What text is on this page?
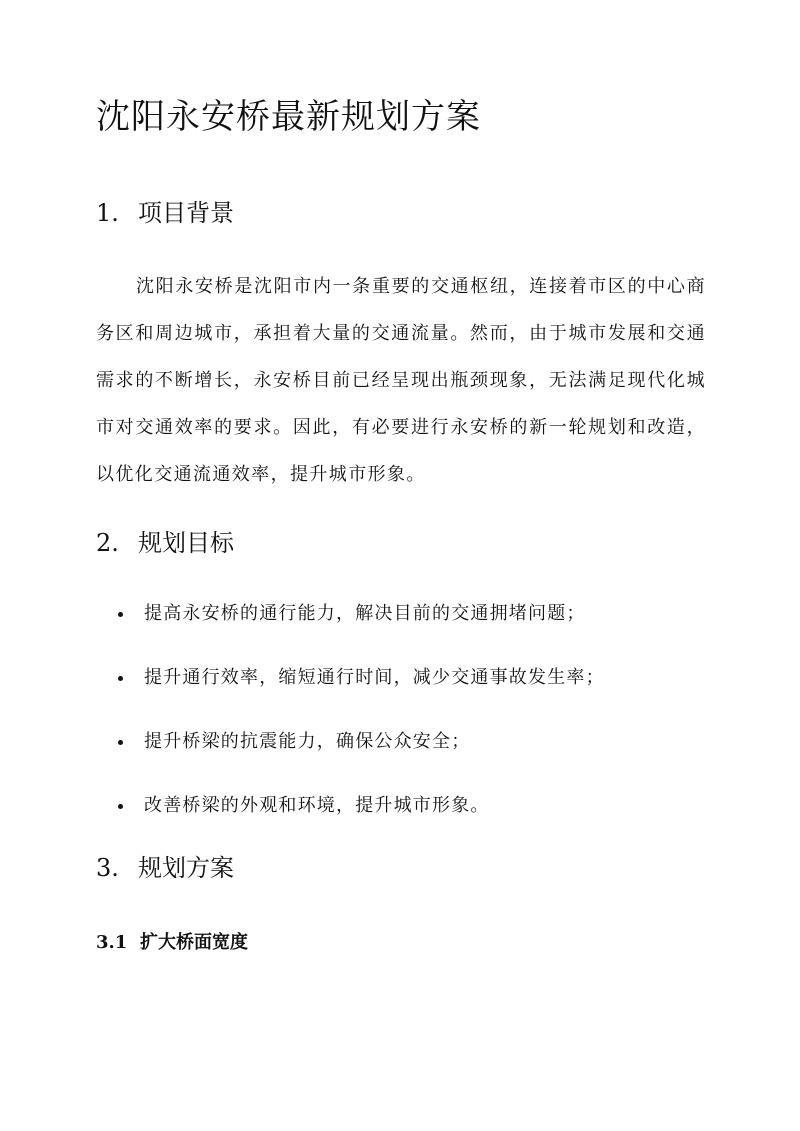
沈阳永安桥最新规划方案
1. 项目背景

沈阳永安桥是沈阳市内一条重要的交通枢纽，连接着市区的中心商务区和周边城市，承担着大量的交通流量。然而，由于城市发展和交通需求的不断增长，永安桥目前已经呈现出瓶颈现象，无法满足现代化城市对交通效率的要求。因此，有必要进行永安桥的新一轮规划和改造，以优化交通流通效率，提升城市形象。

2. 规划目标
提高永安桥的通行能力，解决目前的交通拥堵问题；
提升通行效率，缩短通行时间，减少交通事故发生率；
提升桥梁的抗震能力，确保公众安全；
改善桥梁的外观和环境，提升城市形象。
3. 规划方案
3.1 扩大桥面宽度
